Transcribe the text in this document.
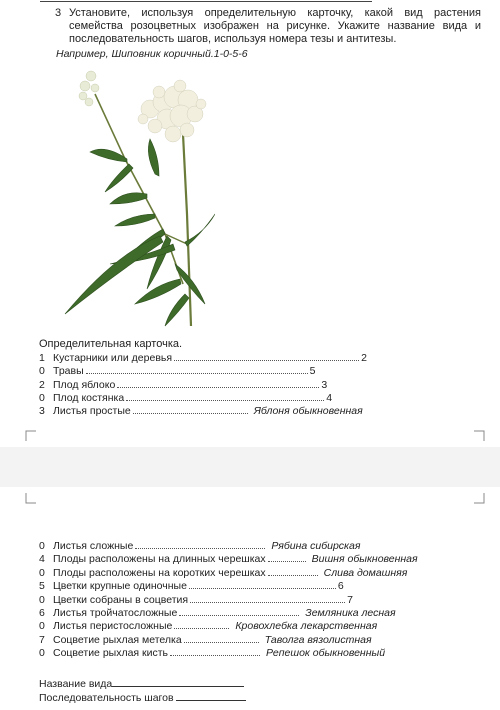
3 Установите, используя определительную карточку, какой вид растения семейства розоцветных изображен на рисунке. Укажите название вида и последовательность шагов, используя номера тезы и антитезы.
Например, Шиповник коричный.1-0-5-6
Определительная карточка.
1 Кустарники или деревья	2
0 Травы	5
2 Плод яблоко	3
0 Плод костянка	4
3 Листья простые	Яблоня обыкновенная
0 Листья сложные	Рябина сибирская
4 Плоды расположены на длинных черешках	Вишня обыкновенная
0 Плоды расположены на коротких черешках	Слива домашняя
5 Цветки крупные одиночные	6
0 Цветки собраны в соцветия	7
6 Листья тройчатосложные	Земляника лесная
0 Листья перистосложные	Кровохлебка лекарственная
7 Соцветие рыхлая метелка	Таволга вязолистная
0 Соцветие рыхлая кисть	Репешок обыкновенный
Название вида
Последовательность шагов
